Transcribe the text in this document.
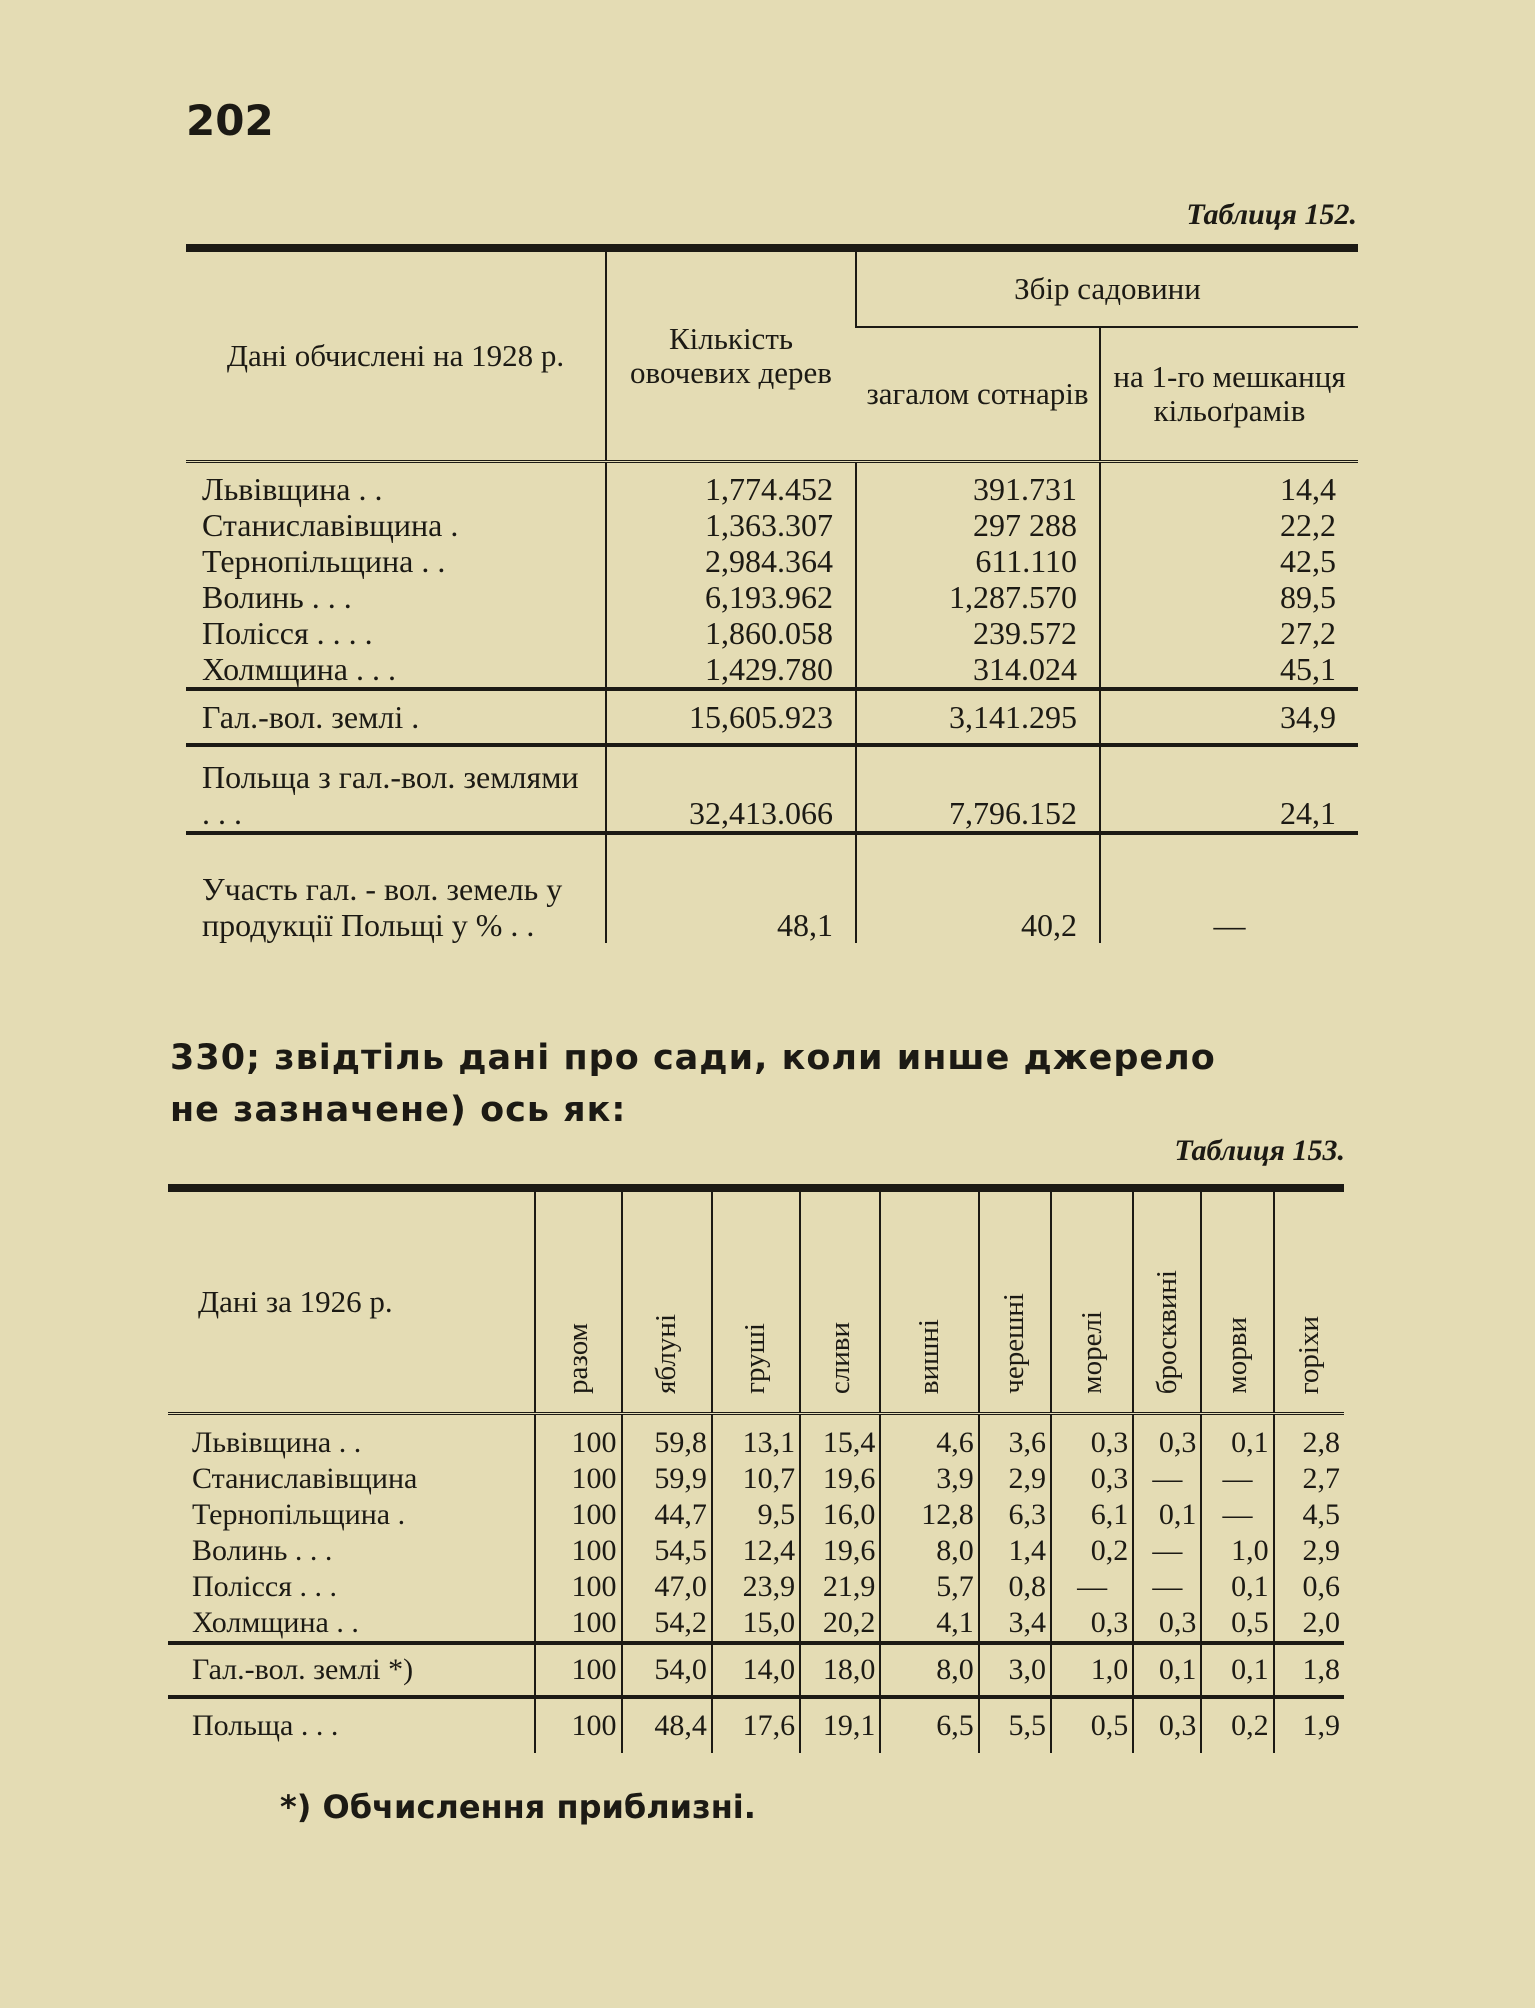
202
Таблиця 152.
Дані обчислені на 1928 р.	Кількість овочевих дерев	Збір садовини	
		загалом сотнарів	на 1-го мешканця кільоґрамів
Львівщина . .	1,774.452	391.731	14,4
Станиславівщина .	1,363.307	297 288	22,2
Тернопільщина . .	2,984.364	611.110	42,5
Волинь . . .	6,193.962	1,287.570	89,5
Полісся . . . .	1,860.058	239.572	27,2
Холмщина . . .	1,429.780	314.024	45,1
Гал.-вол. землі .	15,605.923	3,141.295	34,9
Польща з гал.-вол. землями . . .	32,413.066	7,796.152	24,1
Участь гал. - вол. земель у продукції Польщі у % . .	48,1	40,2	—
330; звідтіль дані про сади, коли инше джерело
не зазначене) ось як:
Таблиця 153.
Дані за 1926 р.	разом	яблуні	груші	сливи	вишні	черешні	морелі	бросквині	морви	горіхи
Львівщина . .	100	59,8	13,1	15,4	4,6	3,6	0,3	0,3	0,1	2,8
Станиславівщина	100	59,9	10,7	19,6	3,9	2,9	0,3	—	—	2,7
Тернопільщина .	100	44,7	9,5	16,0	12,8	6,3	6,1	0,1	—	4,5
Волинь . . .	100	54,5	12,4	19,6	8,0	1,4	0,2	—	1,0	2,9
Полісся . . .	100	47,0	23,9	21,9	5,7	0,8	—	—	0,1	0,6
Холмщина . .	100	54,2	15,0	20,2	4,1	3,4	0,3	0,3	0,5	2,0
Гал.-вол. землі *)	100	54,0	14,0	18,0	8,0	3,0	1,0	0,1	0,1	1,8
Польща . . .	100	48,4	17,6	19,1	6,5	5,5	0,5	0,3	0,2	1,9
*) Обчислення приблизні.
